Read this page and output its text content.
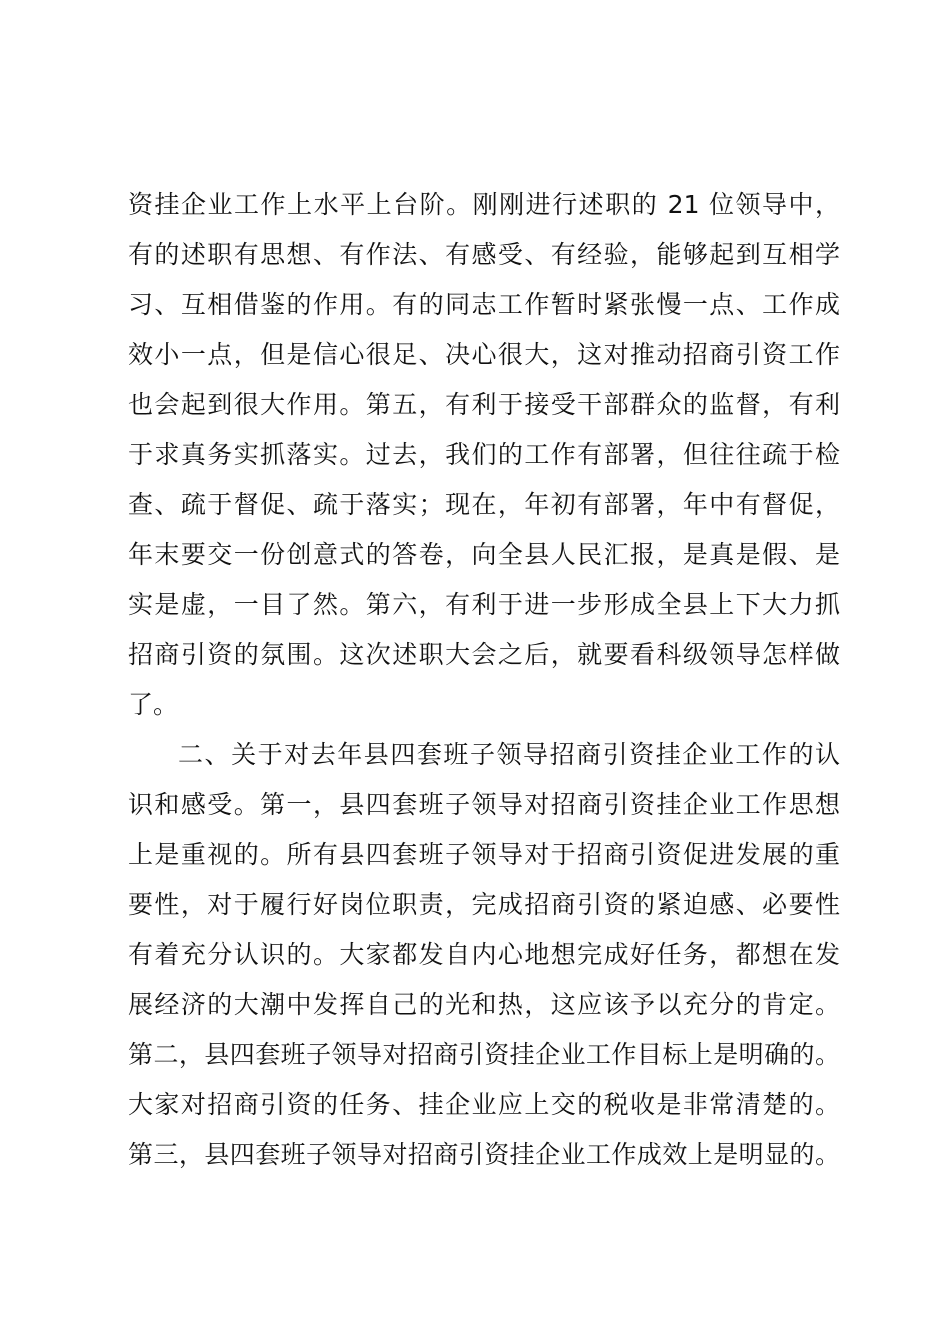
资挂企业工作上水平上台阶。刚刚进行述职的 21 位领导中，
有的述职有思想、有作法、有感受、有经验，能够起到互相学
习、互相借鉴的作用。有的同志工作暂时紧张慢一点、工作成
效小一点，但是信心很足、决心很大，这对推动招商引资工作
也会起到很大作用。第五，有利于接受干部群众的监督，有利
于求真务实抓落实。过去，我们的工作有部署，但往往疏于检
查、疏于督促、疏于落实；现在，年初有部署，年中有督促，
年末要交一份创意式的答卷，向全县人民汇报，是真是假、是
实是虚，一目了然。第六，有利于进一步形成全县上下大力抓
招商引资的氛围。这次述职大会之后，就要看科级领导怎样做
了。
二、关于对去年县四套班子领导招商引资挂企业工作的认
识和感受。第一，县四套班子领导对招商引资挂企业工作思想
上是重视的。所有县四套班子领导对于招商引资促进发展的重
要性，对于履行好岗位职责，完成招商引资的紧迫感、必要性
有着充分认识的。大家都发自内心地想完成好任务，都想在发
展经济的大潮中发挥自己的光和热，这应该予以充分的肯定。
第二，县四套班子领导对招商引资挂企业工作目标上是明确的。
大家对招商引资的任务、挂企业应上交的税收是非常清楚的。
第三，县四套班子领导对招商引资挂企业工作成效上是明显的。
